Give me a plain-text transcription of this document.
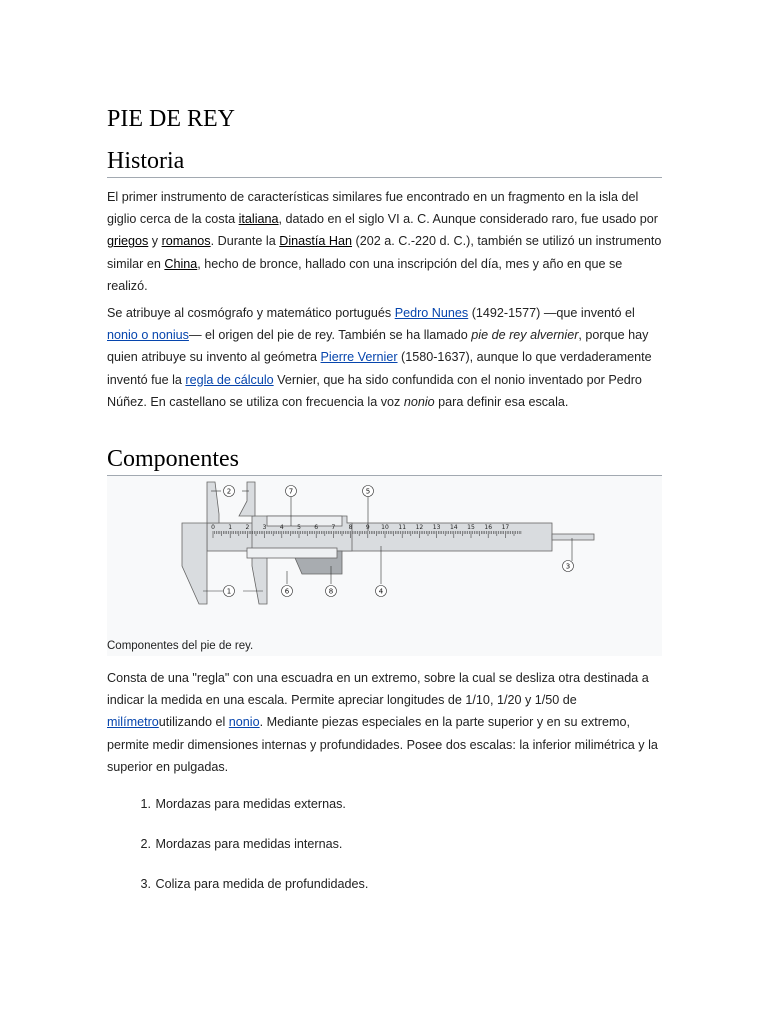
PIE DE REY
Historia

El primer instrumento de características similares fue encontrado en un fragmento en la isla del giglio cerca de la costa italiana, datado en el siglo VI a. C. Aunque considerado raro, fue usado por griegos y romanos. Durante la Dinastía Han (202 a. C.-220 d. C.), también se utilizó un instrumento similar en China, hecho de bronce, hallado con una inscripción del día, mes y año en que se realizó.

Se atribuye al cosmógrafo y matemático portugués Pedro Nunes (1492-1577) —que inventó el nonio o nonius— el origen del pie de rey. También se ha llamado pie de rey alvernier, porque hay quien atribuye su invento al geómetra Pierre Vernier (1580-1637), aunque lo que verdaderamente inventó fue la regla de cálculo Vernier, que ha sido confundida con el nonio inventado por Pedro Núñez. En castellano se utiliza con frecuencia la voz nonio para definir esa escala.

Componentes
0 1 2 3 4 5 6 7 8 9 10 11 12 13 14 15 16 17
2	7	5
3
1	6	8	4
Componentes del pie de rey.

Consta de una "regla" con una escuadra en un extremo, sobre la cual se desliza otra destinada a indicar la medida en una escala. Permite apreciar longitudes de 1/10, 1/20 y 1/50 de milímetroutilizando el nonio. Mediante piezas especiales en la parte superior y en su extremo, permite medir dimensiones internas y profundidades. Posee dos escalas: la inferior milimétrica y la superior en pulgadas.

1. Mordazas para medidas externas.
2. Mordazas para medidas internas.
3. Coliza para medida de profundidades.
